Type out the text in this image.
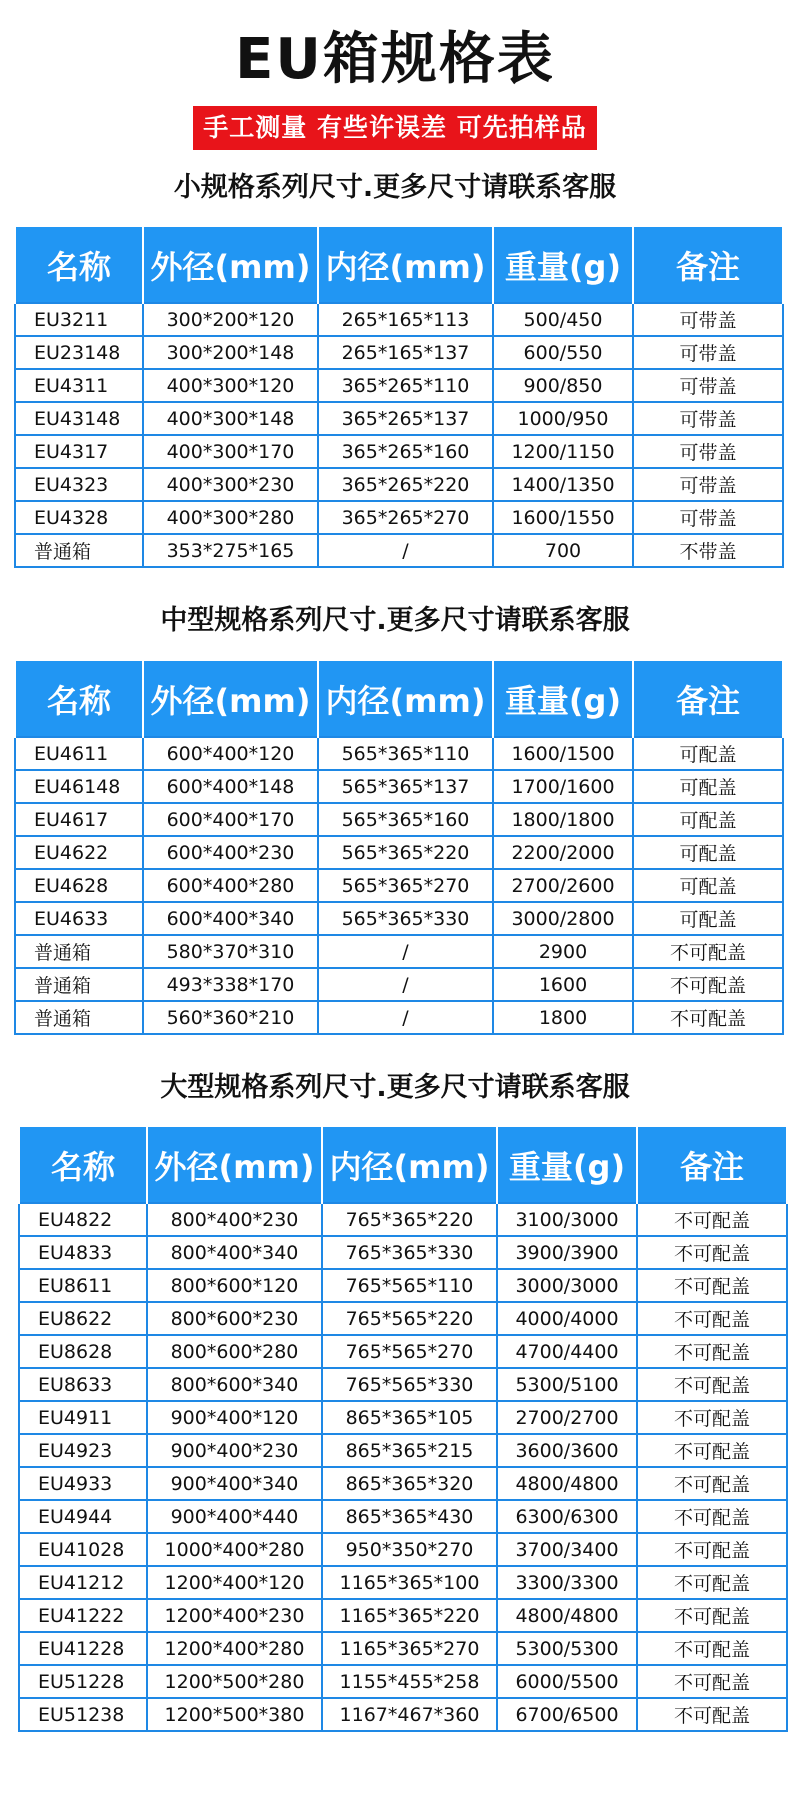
EU箱规格表
手工测量 有些许误差 可先拍样品
小规格系列尺寸.更多尺寸请联系客服
名称	外径(mm)	内径(mm)	重量(g)	备注
EU3211	300*200*120	265*165*113	500/450	可带盖
EU23148	300*200*148	265*165*137	600/550	可带盖
EU4311	400*300*120	365*265*110	900/850	可带盖
EU43148	400*300*148	365*265*137	1000/950	可带盖
EU4317	400*300*170	365*265*160	1200/1150	可带盖
EU4323	400*300*230	365*265*220	1400/1350	可带盖
EU4328	400*300*280	365*265*270	1600/1550	可带盖
普通箱	353*275*165	/	700	不带盖
中型规格系列尺寸.更多尺寸请联系客服
名称	外径(mm)	内径(mm)	重量(g)	备注
EU4611	600*400*120	565*365*110	1600/1500	可配盖
EU46148	600*400*148	565*365*137	1700/1600	可配盖
EU4617	600*400*170	565*365*160	1800/1800	可配盖
EU4622	600*400*230	565*365*220	2200/2000	可配盖
EU4628	600*400*280	565*365*270	2700/2600	可配盖
EU4633	600*400*340	565*365*330	3000/2800	可配盖
普通箱	580*370*310	/	2900	不可配盖
普通箱	493*338*170	/	1600	不可配盖
普通箱	560*360*210	/	1800	不可配盖
大型规格系列尺寸.更多尺寸请联系客服
名称	外径(mm)	内径(mm)	重量(g)	备注
EU4822	800*400*230	765*365*220	3100/3000	不可配盖
EU4833	800*400*340	765*365*330	3900/3900	不可配盖
EU8611	800*600*120	765*565*110	3000/3000	不可配盖
EU8622	800*600*230	765*565*220	4000/4000	不可配盖
EU8628	800*600*280	765*565*270	4700/4400	不可配盖
EU8633	800*600*340	765*565*330	5300/5100	不可配盖
EU4911	900*400*120	865*365*105	2700/2700	不可配盖
EU4923	900*400*230	865*365*215	3600/3600	不可配盖
EU4933	900*400*340	865*365*320	4800/4800	不可配盖
EU4944	900*400*440	865*365*430	6300/6300	不可配盖
EU41028	1000*400*280	950*350*270	3700/3400	不可配盖
EU41212	1200*400*120	1165*365*100	3300/3300	不可配盖
EU41222	1200*400*230	1165*365*220	4800/4800	不可配盖
EU41228	1200*400*280	1165*365*270	5300/5300	不可配盖
EU51228	1200*500*280	1155*455*258	6000/5500	不可配盖
EU51238	1200*500*380	1167*467*360	6700/6500	不可配盖
